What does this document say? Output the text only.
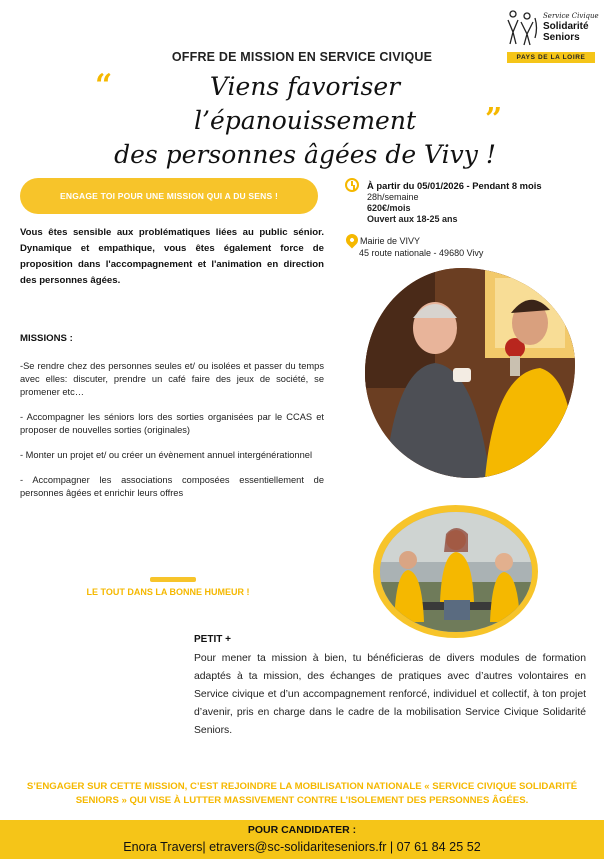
Service Civique
Solidarité
Seniors
PAYS DE LA LOIRE
OFFRE DE MISSION EN SERVICE CIVIQUE
“	Viens favoriser l’épanouissement
des personnes âgées de Vivy !
”
ENGAGE TOI POUR UNE MISSION QUI A DU SENS !

Vous êtes sensible aux problématiques liées au public sénior. Dynamique et empathique, vous êtes également force de proposition dans l'accompagnement et l'animation en direction des personnes âgées.

MISSIONS :

-Se rendre chez des personnes seules et/ ou isolées et passer du temps avec elles: discuter, prendre un café faire des jeux de société, se promener etc…

- Accompagner les séniors lors des sorties organisées par le CCAS et proposer de nouvelles sorties (originales)

- Monter un projet et/ ou créer un évènement annuel intergénérationnel

- Accompagner les associations composées essentiellement de personnes âgées et enrichir leurs offres

LE TOUT DANS LA BONNE HUMEUR !
À partir du 05/01/2026 - Pendant 8 mois
28h/semaine
620€/mois
Ouvert aux 18-25 ans
Mairie de VIVY
45 route nationale - 49680 Vivy
PETIT +

Pour mener ta mission à bien, tu bénéficieras de divers modules de formation adaptés à ta mission, des échanges de pratiques avec d’autres volontaires en Service civique et d’un accompagnement renforcé, individuel et collectif, à ton projet d’avenir, pris en charge dans le cadre de la mobilisation Service Civique Solidarité Seniors.

S’ENGAGER SUR CETTE MISSION, C’EST REJOINDRE LA MOBILISATION NATIONALE « SERVICE CIVIQUE SOLIDARITÉ SENIORS » QUI VISE À LUTTER MASSIVEMENT CONTRE L’ISOLEMENT DES PERSONNES ÂGÉES.

POUR CANDIDATER :
Enora Travers| etravers@sc-solidariteseniors.fr | 07 61 84 25 52
